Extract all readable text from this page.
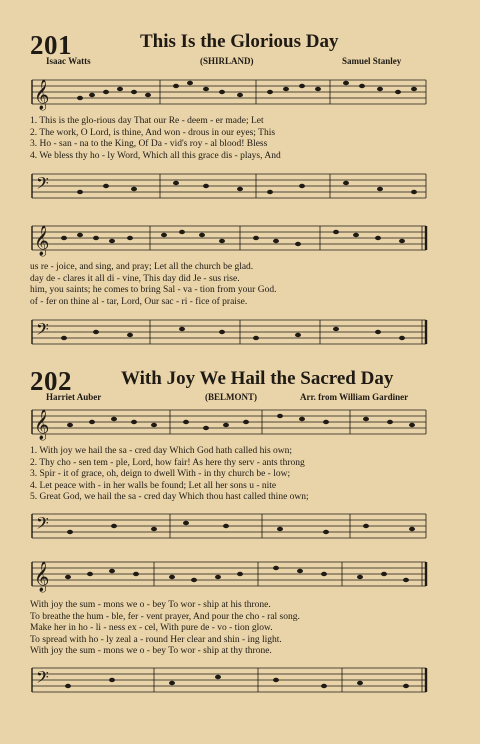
201	This Is the Glorious Day
Isaac Watts	(SHIRLAND)	Samuel Stanley
𝄞
1. This is the glo-rious day That our Re - deem - er made; Let
2. The work, O Lord, is thine, And won - drous in our eyes; This
3. Ho - san - na to the King, Of Da - vid's roy - al blood! Bless
4. We bless thy ho - ly Word, Which all this grace dis - plays, And
𝄢
𝄞
us re - joice, and sing, and pray; Let all the church be glad.
day de - clares it all di - vine, This day did Je - sus rise.
him, you saints; he comes to bring Sal - va - tion from your God.
of - fer on thine al - tar, Lord, Our sac - ri - fice of praise.
𝄢
202	With Joy We Hail the Sacred Day
Harriet Auber	(BELMONT)	Arr. from William Gardiner
𝄞
1. With joy we hail the sa - cred day Which God hath called his own;
2. Thy cho - sen tem - ple, Lord, how fair! As here thy serv - ants throng
3. Spir - it of grace, oh, deign to dwell With - in thy church be - low;
4. Let peace with - in her walls be found; Let all her sons u - nite
5. Great God, we hail the sa - cred day Which thou hast called thine own;
𝄢
𝄞
With joy the sum - mons we o - bey To wor - ship at his throne.
To breathe the hum - ble, fer - vent prayer, And pour the cho - ral song.
Make her in ho - li - ness ex - cel, With pure de - vo - tion glow.
To spread with ho - ly zeal a - round Her clear and shin - ing light.
With joy the sum - mons we o - bey To wor - ship at thy throne.
𝄢
